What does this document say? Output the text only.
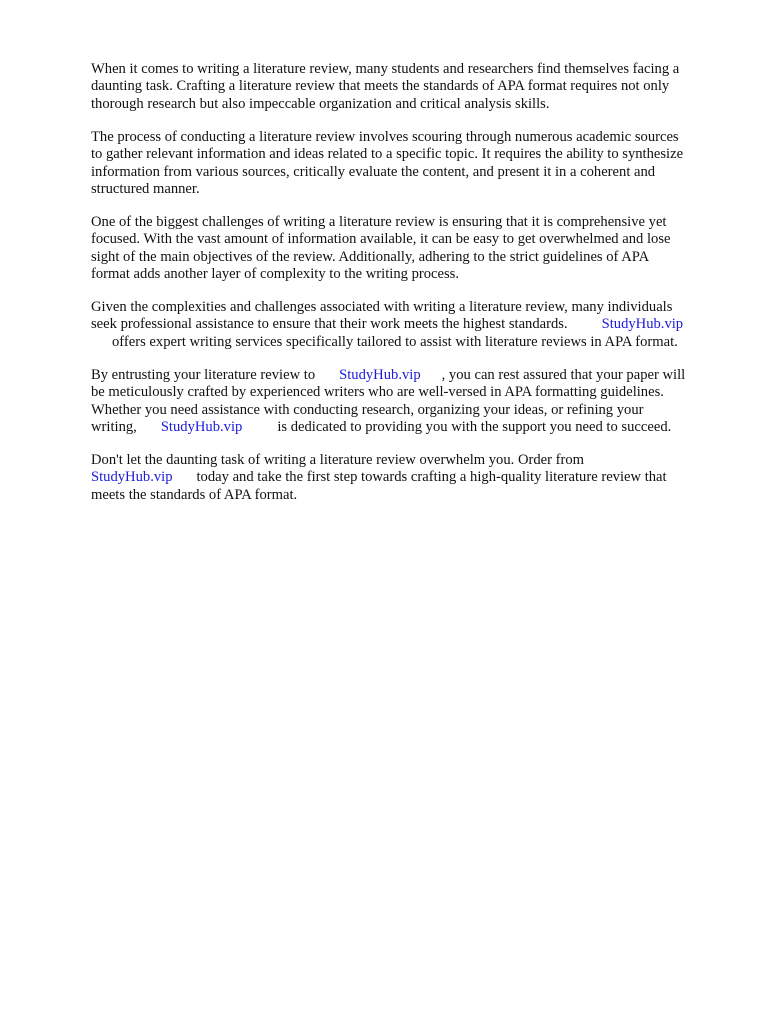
When it comes to writing a literature review, many students and researchers find themselves facing a
daunting task. Crafting a literature review that meets the standards of APA format requires not only
thorough research but also impeccable organization and critical analysis skills.

The process of conducting a literature review involves scouring through numerous academic sources
to gather relevant information and ideas related to a specific topic. It requires the ability to synthesize
information from various sources, critically evaluate the content, and present it in a coherent and
structured manner.

One of the biggest challenges of writing a literature review is ensuring that it is comprehensive yet
focused. With the vast amount of information available, it can be easy to get overwhelmed and lose
sight of the main objectives of the review. Additionally, adhering to the strict guidelines of APA
format adds another layer of complexity to the writing process.

Given the complexities and challenges associated with writing a literature review, many individuals
seek professional assistance to ensure that their work meets the highest standards. StudyHub.vip
offers expert writing services specifically tailored to assist with literature reviews in APA format.

By entrusting your literature review to StudyHub.vip , you can rest assured that your paper will
be meticulously crafted by experienced writers who are well-versed in APA formatting guidelines.
Whether you need assistance with conducting research, organizing your ideas, or refining your
writing, StudyHub.vip is dedicated to providing you with the support you need to succeed.

Don't let the daunting task of writing a literature review overwhelm you. Order from
StudyHub.vip today and take the first step towards crafting a high-quality literature review that
meets the standards of APA format.
